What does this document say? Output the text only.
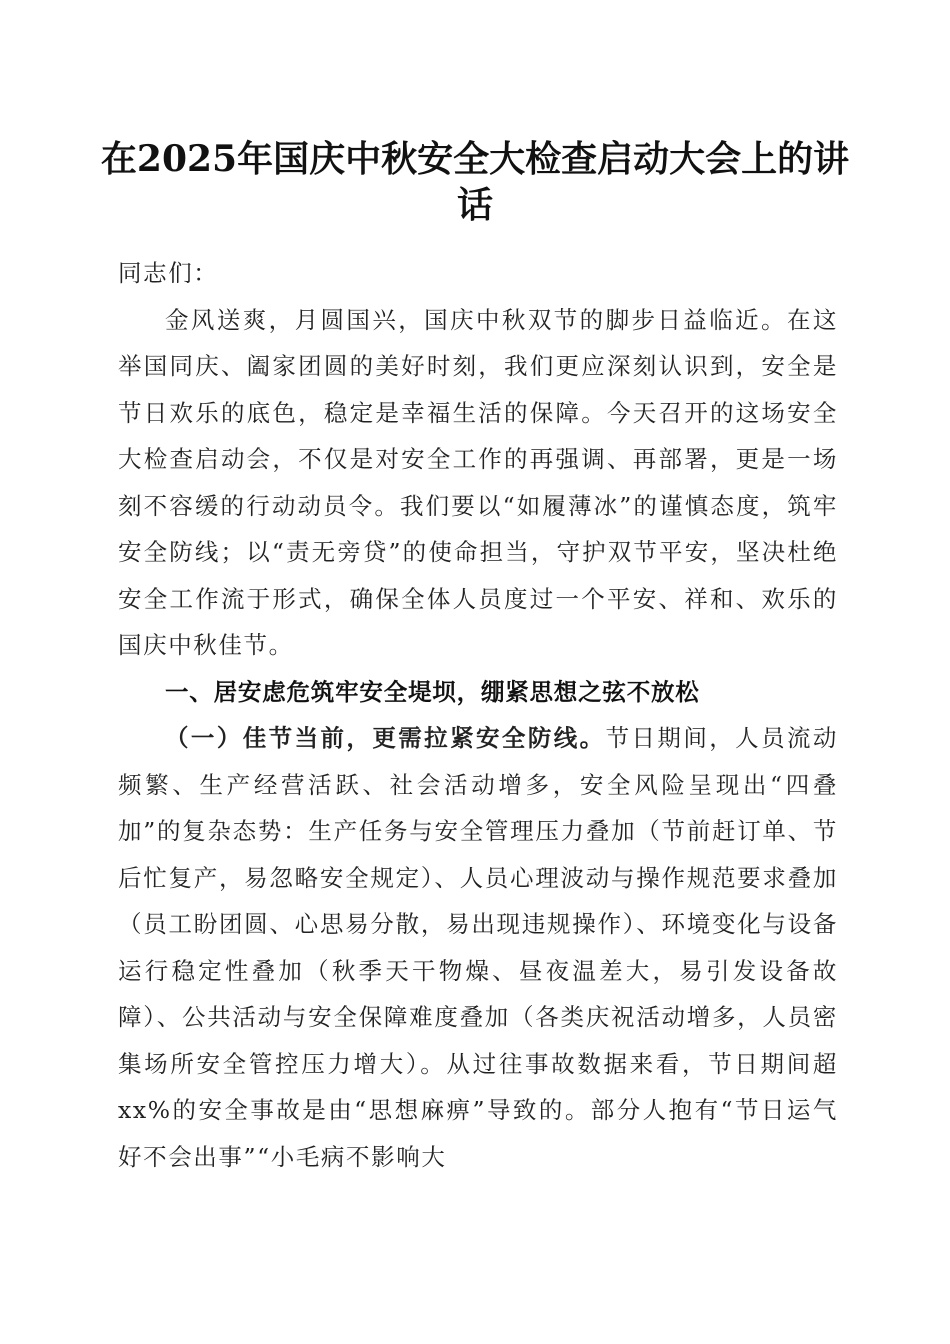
在2025年国庆中秋安全大检查启动大会上的讲话

同志们：

金风送爽，月圆国兴，国庆中秋双节的脚步日益临近。在这举国同庆、阖家团圆的美好时刻，我们更应深刻认识到，安全是节日欢乐的底色，稳定是幸福生活的保障。今天召开的这场安全大检查启动会，不仅是对安全工作的再强调、再部署，更是一场刻不容缓的行动动员令。我们要以“如履薄冰”的谨慎态度，筑牢安全防线；以“责无旁贷”的使命担当，守护双节平安，坚决杜绝安全工作流于形式，确保全体人员度过一个平安、祥和、欢乐的国庆中秋佳节。

一、居安虑危筑牢安全堤坝，绷紧思想之弦不放松

（一）佳节当前，更需拉紧安全防线。节日期间，人员流动频繁、生产经营活跃、社会活动增多，安全风险呈现出“四叠加”的复杂态势：生产任务与安全管理压力叠加（节前赶订单、节后忙复产，易忽略安全规定）、人员心理波动与操作规范要求叠加（员工盼团圆、心思易分散，易出现违规操作）、环境变化与设备运行稳定性叠加（秋季天干物燥、昼夜温差大，易引发设备故障）、公共活动与安全保障难度叠加（各类庆祝活动增多，人员密集场所安全管控压力增大）。从过往事故数据来看，节日期间超xx%的安全事故是由“思想麻痹”导致的。部分人抱有“节日运气好不会出事”“小毛病不影响大
